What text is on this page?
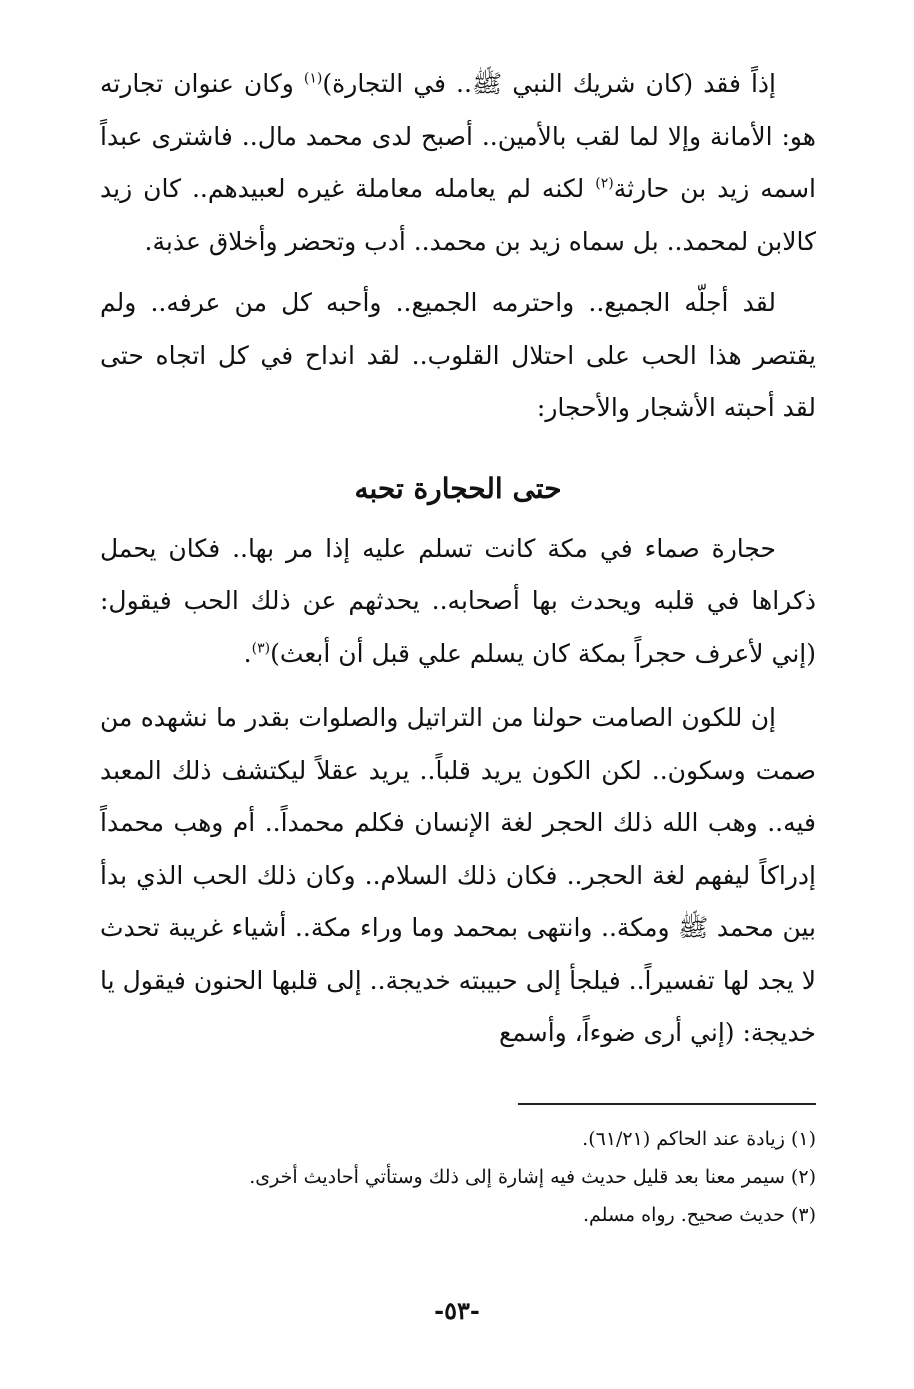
إذاً فقد (كان شريك النبي ﷺ.. في التجارة)$^{(١)}$ وكان عنوان تجارته هو: الأمانة وإلا لما لقب بالأمين.. أصبح لدى محمد مال.. فاشترى عبداً اسمه زيد بن حارثة$^{(٢)}$ لكنه لم يعامله معاملة غيره لعبيدهم.. كان زيد كالابن لمحمد.. بل سماه زيد بن محمد.. أدب وتحضر وأخلاق عذبة.

لقد أجلّه الجميع.. واحترمه الجميع.. وأحبه كل من عرفه.. ولم يقتصر هذا الحب على احتلال القلوب.. لقد انداح في كل اتجاه حتى لقد أحبته الأشجار والأحجار:

حتى الحجارة تحبه

حجارة صماء في مكة كانت تسلم عليه إذا مر بها.. فكان يحمل ذكراها في قلبه ويحدث بها أصحابه.. يحدثهم عن ذلك الحب فيقول: (إني لأعرف حجراً بمكة كان يسلم علي قبل أن أبعث)$^{(٣)}$.

إن للكون الصامت حولنا من التراتيل والصلوات بقدر ما نشهده من صمت وسكون.. لكن الكون يريد قلباً.. يريد عقلاً ليكتشف ذلك المعبد فيه.. وهب الله ذلك الحجر لغة الإنسان فكلم محمداً.. أم وهب محمداً إدراكاً ليفهم لغة الحجر.. فكان ذلك السلام.. وكان ذلك الحب الذي بدأ بين محمد ﷺ ومكة.. وانتهى بمحمد وما وراء مكة.. أشياء غريبة تحدث لا يجد لها تفسيراً.. فيلجأ إلى حبيبته خديجة.. إلى قلبها الحنون فيقول يا خديجة: (إني أرى ضوءاً، وأسمع

(١) زيادة عند الحاكم (٦١/٢١).

(٢) سيمر معنا بعد قليل حديث فيه إشارة إلى ذلك وستأتي أحاديث أخرى.

(٣) حديث صحيح. رواه مسلم.

-٥٣-
